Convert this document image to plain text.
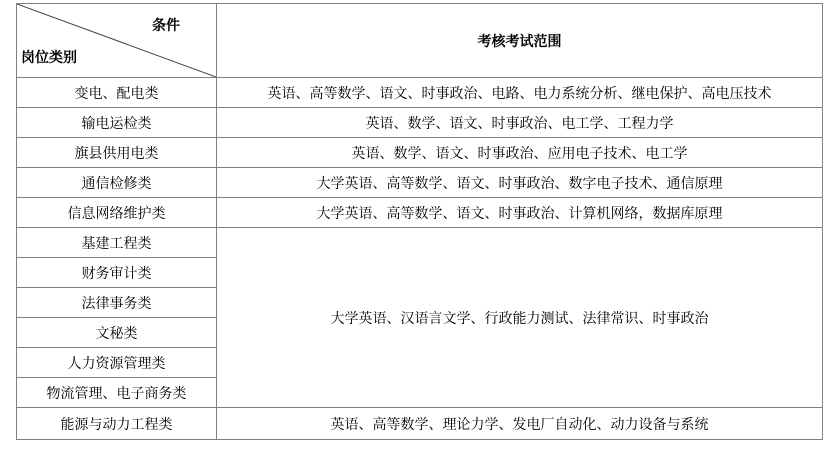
条件
岗位类别	考核考试范围
变电、配电类	英语、高等数学、语文、时事政治、电路、电力系统分析、继电保护、高电压技术
输电运检类	英语、数学、语文、时事政治、电工学、工程力学
旗县供用电类	英语、数学、语文、时事政治、应用电子技术、电工学
通信检修类	大学英语、高等数学、语文、时事政治、数字电子技术、通信原理
信息网络维护类	大学英语、高等数学、语文、时事政治、计算机网络，数据库原理
基建工程类	大学英语、汉语言文学、行政能力测试、法律常识、时事政治
财务审计类	
法律事务类	
文秘类	
人力资源管理类	
物流管理、电子商务类	
能源与动力工程类	英语、高等数学、理论力学、发电厂自动化、动力设备与系统
